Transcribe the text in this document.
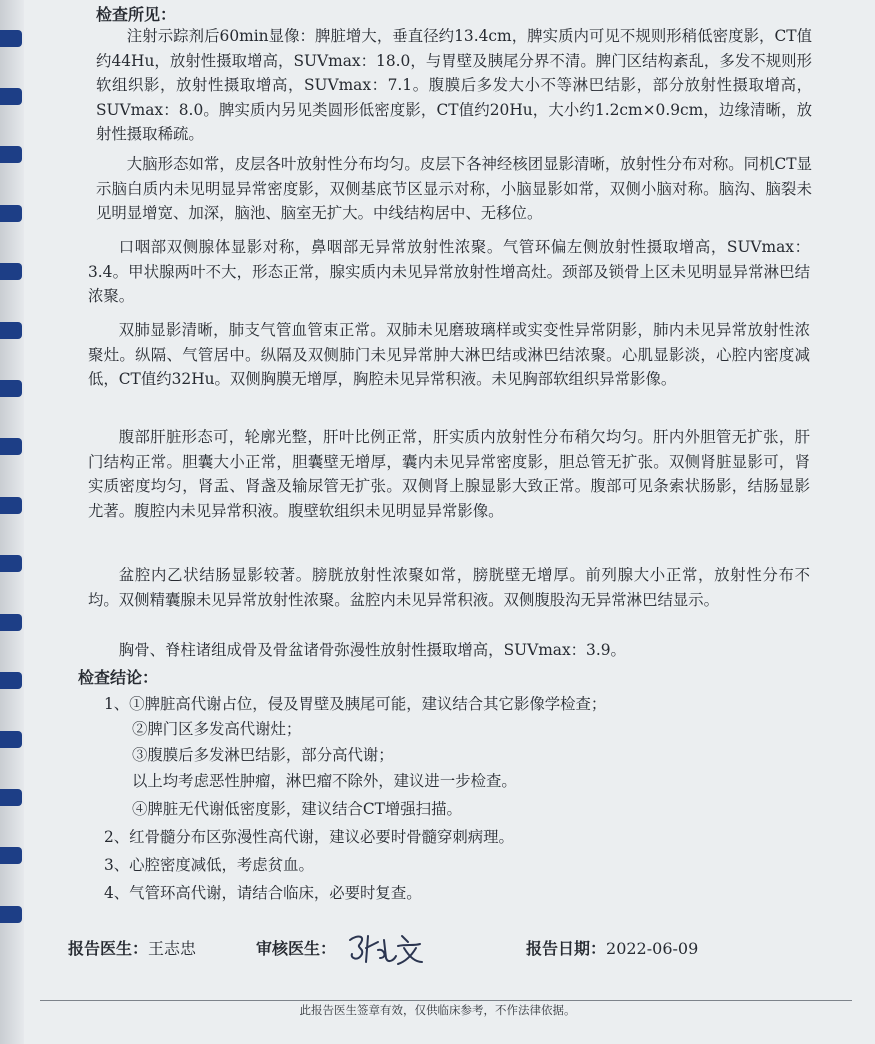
检查所见：

注射示踪剂后60min显像：脾脏增大，垂直径约13.4cm，脾实质内可见不规则形稍低密度影，CT值约44Hu，放射性摄取增高，SUVmax：18.0，与胃壁及胰尾分界不清。脾门区结构紊乱，多发不规则形软组织影，放射性摄取增高，SUVmax：7.1。腹膜后多发大小不等淋巴结影，部分放射性摄取增高，SUVmax：8.0。脾实质内另见类圆形低密度影，CT值约20Hu，大小约1.2cm×0.9cm，边缘清晰，放射性摄取稀疏。

大脑形态如常，皮层各叶放射性分布均匀。皮层下各神经核团显影清晰，放射性分布对称。同机CT显示脑白质内未见明显异常密度影，双侧基底节区显示对称，小脑显影如常，双侧小脑对称。脑沟、脑裂未见明显增宽、加深，脑池、脑室无扩大。中线结构居中、无移位。

口咽部双侧腺体显影对称，鼻咽部无异常放射性浓聚。气管环偏左侧放射性摄取增高，SUVmax：3.4。甲状腺两叶不大，形态正常，腺实质内未见异常放射性增高灶。颈部及锁骨上区未见明显异常淋巴结浓聚。

双肺显影清晰，肺支气管血管束正常。双肺未见磨玻璃样或实变性异常阴影，肺内未见异常放射性浓聚灶。纵隔、气管居中。纵隔及双侧肺门未见异常肿大淋巴结或淋巴结浓聚。心肌显影淡，心腔内密度减低，CT值约32Hu。双侧胸膜无增厚，胸腔未见异常积液。未见胸部软组织异常影像。

腹部肝脏形态可，轮廓光整，肝叶比例正常，肝实质内放射性分布稍欠均匀。肝内外胆管无扩张，肝门结构正常。胆囊大小正常，胆囊壁无增厚，囊内未见异常密度影，胆总管无扩张。双侧肾脏显影可，肾实质密度均匀，肾盂、肾盏及输尿管无扩张。双侧肾上腺显影大致正常。腹部可见条索状肠影，结肠显影尤著。腹腔内未见异常积液。腹壁软组织未见明显异常影像。

盆腔内乙状结肠显影较著。膀胱放射性浓聚如常，膀胱壁无增厚。前列腺大小正常，放射性分布不均。双侧精囊腺未见异常放射性浓聚。盆腔内未见异常积液。双侧腹股沟无异常淋巴结显示。

胸骨、脊柱诸组成骨及骨盆诸骨弥漫性放射性摄取增高，SUVmax：3.9。

检查结论：
1、①脾脏高代谢占位，侵及胃壁及胰尾可能，建议结合其它影像学检查；
②脾门区多发高代谢灶；
③腹膜后多发淋巴结影，部分高代谢；
以上均考虑恶性肿瘤，淋巴瘤不除外，建议进一步检查。
④脾脏无代谢低密度影，建议结合CT增强扫描。
2、红骨髓分布区弥漫性高代谢，建议必要时骨髓穿刺病理。
3、心腔密度减低，考虑贫血。
4、气管环高代谢，请结合临床，必要时复查。
报告医生：王志忠	审核医生：	报告日期：2022-06-09
此报告医生签章有效，仅供临床参考，不作法律依据。
